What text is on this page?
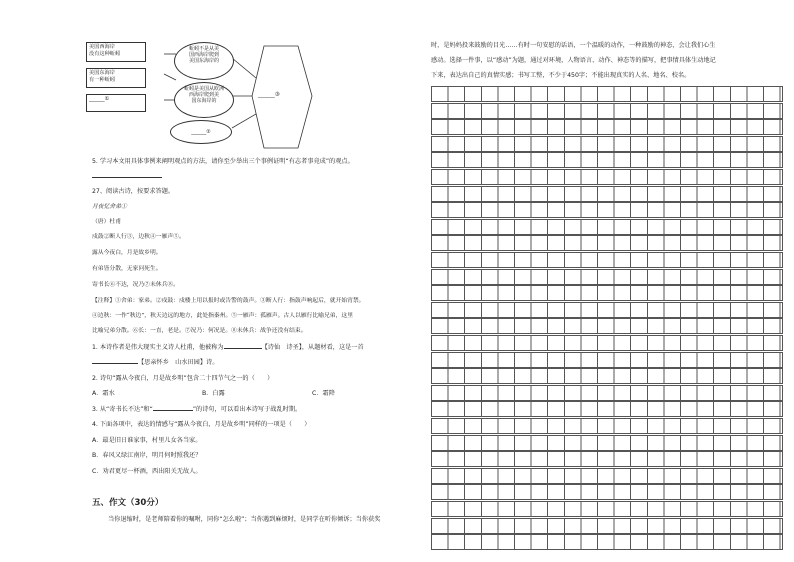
美国西海岸
没有这种蚯蚓
美国东海岸
有一种蚯蚓
______①
蚯蚓不是从美
国西海岸爬到
美国东海岸的
蚯蚓是美国从欧洲
西海岸爬到美
国东海岸的
______②
______③
5. 学习本文用具体事例来阐明观点的方法，请你至少举出三个事例证明“有志者事竟成”的观点。
27、阅读古诗，按要求答题。
月夜忆舍弟①
（唐）杜甫
戍鼓②断人行③，边秋④一雁声⑤。
露从今夜白，月是故乡明。
有弟皆分散，无家问死生。
寄书长⑥不达，况乃⑦未休兵⑧。
【注释】①舍弟：家弟。②戍鼓：戍楼上用以报时或告警的鼓声。③断人行：指鼓声响起后，就开始宵禁。
④边秋：一作“秋边”，秋天边远的地方，此处指秦州。⑤一雁声：孤雁声。古人以雁行比喻兄弟，这里
比喻兄弟分散。⑥长：一直，老是。⑦况乃：何况是。⑧未休兵：战争还没有结束。
1. 本诗作者是伟大现实主义诗人杜甫，他被称为	【诗仙　诗圣】，从题材看，这是一首
【思亲怀乡　山水田园】诗。
2. 诗句“露从今夜白，月是故乡明”包含二十四节气之一的（　　）
A．霜水	B．白露	C．霜降
3. 从“寄书长不达”和“	”的诗句，可以看出本诗写于战乱时期。
4. 下面各项中，表达的情感与“露从今夜白，月是故乡明”同样的一项是（　　）
A．最是旧日谁家事，村里儿女各当家。
B．春风又绿江南岸，明月何时照我还？
C．劝君更尽一杯酒，西出阳关无故人。
五、作文（30分）
当你退缩时，是老师陪着你的嘱咐，同你“怎么啦”；当你遇到麻烦时，是同学在听你倾诉；当你获奖
时，是妈妈投来鼓励的目光……有时一句安慰的话语，一个温暖的动作，一种鼓励的神态，会让我们心生
感动。选择一件事，以“感动”为题，通过对环境，人物语言、动作、神态等的描写，把事情具体生动地记
下来，表达出自己的真情实感；书写工整，不少于450字；不能出现真实的人名、地名、校名。
